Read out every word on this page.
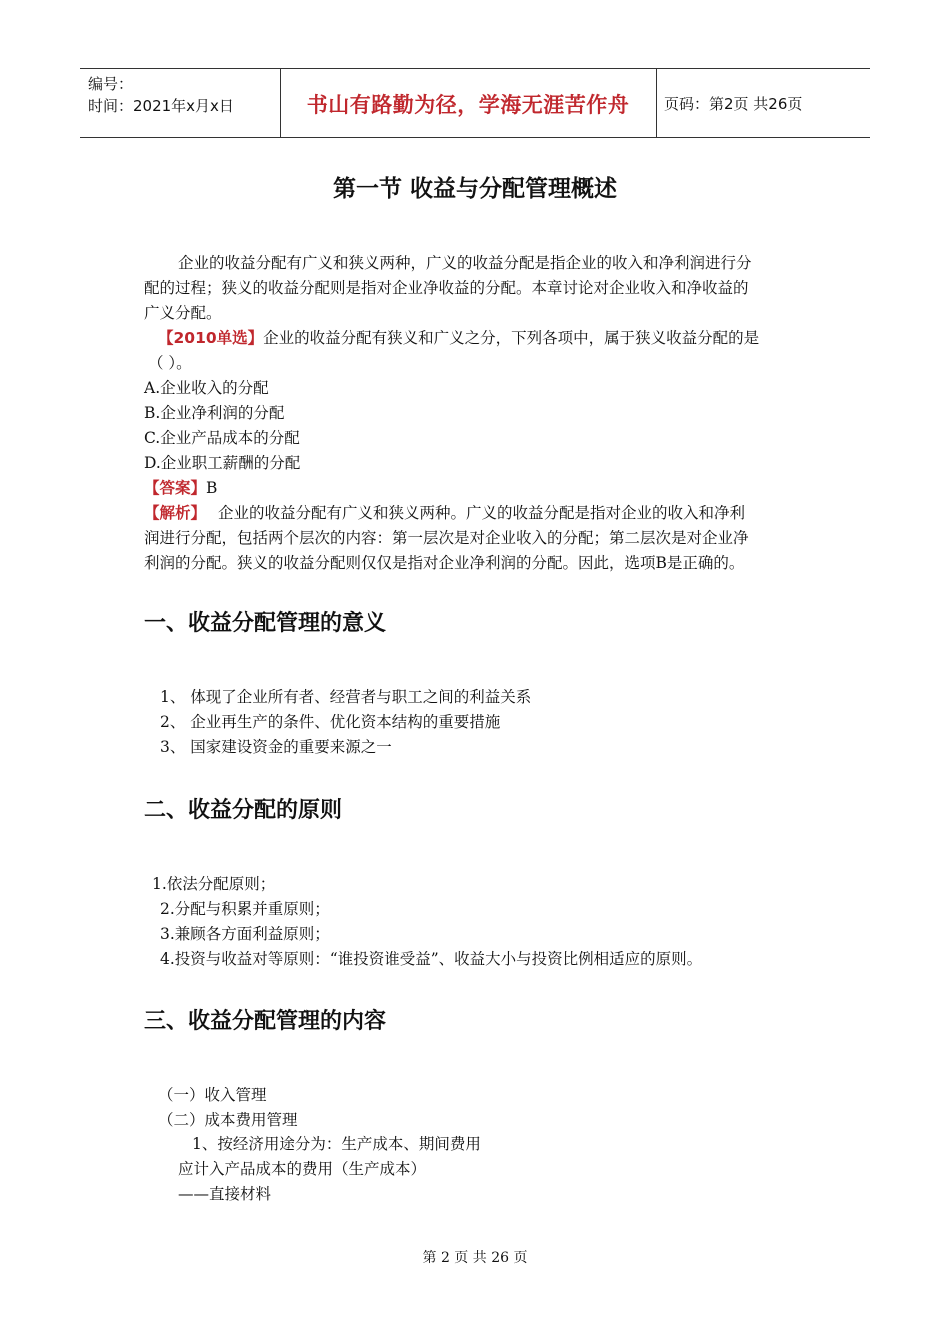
编号：
时间：2021年x月x日	书山有路勤为径，学海无涯苦作舟	页码：第2页 共26页
第一节 收益与分配管理概述
企业的收益分配有广义和狭义两种，广义的收益分配是指企业的收入和净利润进行分
配的过程；狭义的收益分配则是指对企业净收益的分配。本章讨论对企业收入和净收益的
广义分配。
【2010单选】企业的收益分配有狭义和广义之分，下列各项中，属于狭义收益分配的是
（ ）。
A.企业收入的分配
B.企业净利润的分配
C.企业产品成本的分配
D.企业职工薪酬的分配
【答案】B
【解析】 企业的收益分配有广义和狭义两种。广义的收益分配是指对企业的收入和净利
润进行分配，包括两个层次的内容：第一层次是对企业收入的分配；第二层次是对企业净
利润的分配。狭义的收益分配则仅仅是指对企业净利润的分配。因此，选项B是正确的。
一、收益分配管理的意义
1、 体现了企业所有者、经营者与职工之间的利益关系
2、 企业再生产的条件、优化资本结构的重要措施
3、 国家建设资金的重要来源之一
二、收益分配的原则
1.依法分配原则；
2.分配与积累并重原则；
3.兼顾各方面利益原则；
4.投资与收益对等原则：“谁投资谁受益”、收益大小与投资比例相适应的原则。
三、收益分配管理的内容
（一）收入管理
（二）成本费用管理
1、按经济用途分为：生产成本、期间费用
应计入产品成本的费用（生产成本）
——直接材料
第 2 页 共 26 页
